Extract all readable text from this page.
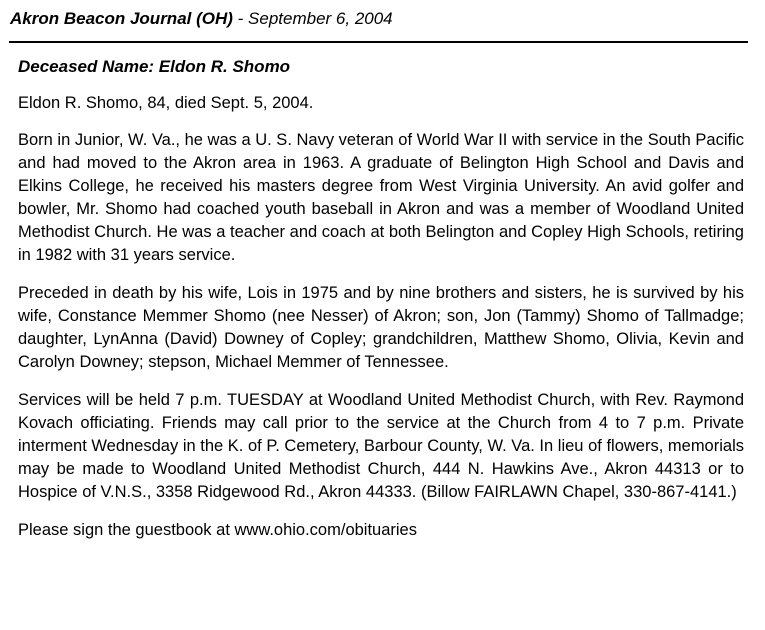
Akron Beacon Journal (OH) - September 6, 2004
Deceased Name: Eldon R. Shomo

Eldon R. Shomo, 84, died Sept. 5, 2004.

Born in Junior, W. Va., he was a U. S. Navy veteran of World War II with service in the South Pacific and had moved to the Akron area in 1963. A graduate of Belington High School and Davis and Elkins College, he received his masters degree from West Virginia University. An avid golfer and bowler, Mr. Shomo had coached youth baseball in Akron and was a member of Woodland United Methodist Church. He was a teacher and coach at both Belington and Copley High Schools, retiring in 1982 with 31 years service.

Preceded in death by his wife, Lois in 1975 and by nine brothers and sisters, he is survived by his wife, Constance Memmer Shomo (nee Nesser) of Akron; son, Jon (Tammy) Shomo of Tallmadge; daughter, LynAnna (David) Downey of Copley; grandchildren, Matthew Shomo, Olivia, Kevin and Carolyn Downey; stepson, Michael Memmer of Tennessee.

Services will be held 7 p.m. TUESDAY at Woodland United Methodist Church, with Rev. Raymond Kovach officiating. Friends may call prior to the service at the Church from 4 to 7 p.m. Private interment Wednesday in the K. of P. Cemetery, Barbour County, W. Va. In lieu of flowers, memorials may be made to Woodland United Methodist Church, 444 N. Hawkins Ave., Akron 44313 or to Hospice of V.N.S., 3358 Ridgewood Rd., Akron 44333. (Billow FAIRLAWN Chapel, 330-867-4141.)

Please sign the guestbook at www.ohio.com/obituaries
